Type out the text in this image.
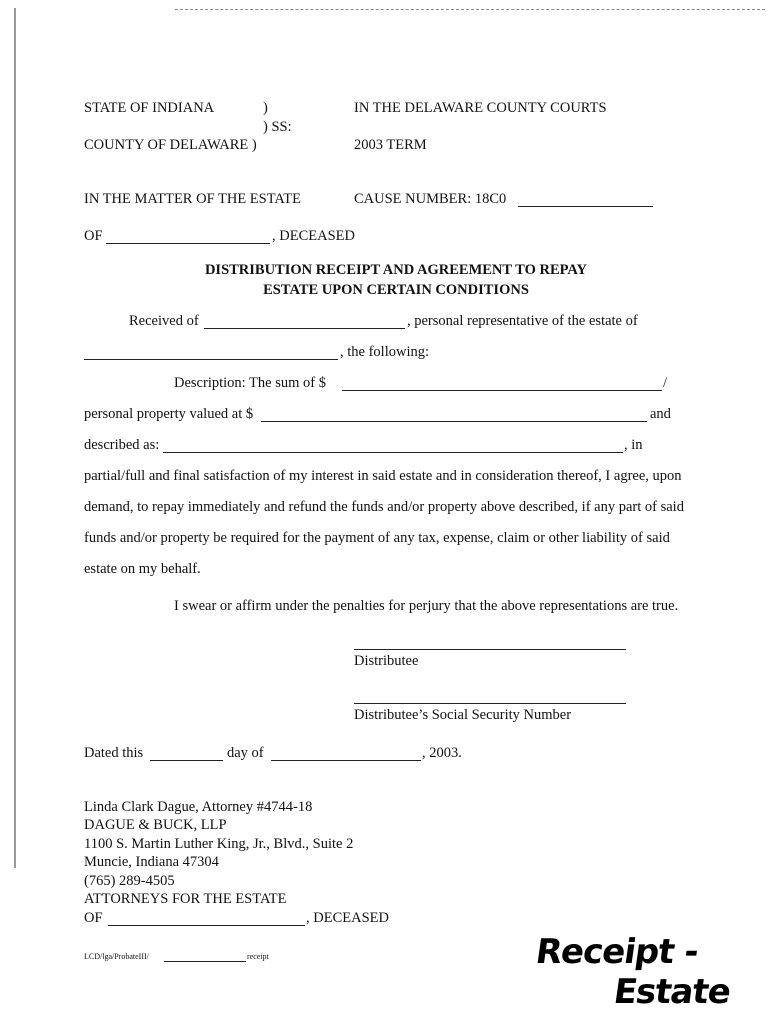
STATE OF INDIANA	)
) SS:
COUNTY OF DELAWARE )
IN THE DELAWARE COUNTY COURTS
2003 TERM
IN THE MATTER OF THE ESTATE	CAUSE NUMBER: 18C0
OF	, DECEASED
DISTRIBUTION RECEIPT AND AGREEMENT TO REPAY
ESTATE UPON CERTAIN CONDITIONS
Received of	, personal representative of the estate of
, the following:
Description: The sum of $	/
personal property valued at $	and
described as:	, in
partial/full and final satisfaction of my interest in said estate and in consideration thereof, I agree, upon
demand, to repay immediately and refund the funds and/or property above described, if any part of said
funds and/or property be required for the payment of any tax, expense, claim or other liability of said
estate on my behalf.
I swear or affirm under the penalties for perjury that the above representations are true.
Distributee
Distributee’s Social Security Number
Dated this	day of	, 2003.
Linda Clark Dague, Attorney #4744-18
DAGUE & BUCK, LLP
1100 S. Martin Luther King, Jr., Blvd., Suite 2
Muncie, Indiana 47304
(765) 289-4505
ATTORNEYS FOR THE ESTATE
OF	, DECEASED
LCD/lga/ProbateIII/	receipt	Receipt -
Estate
